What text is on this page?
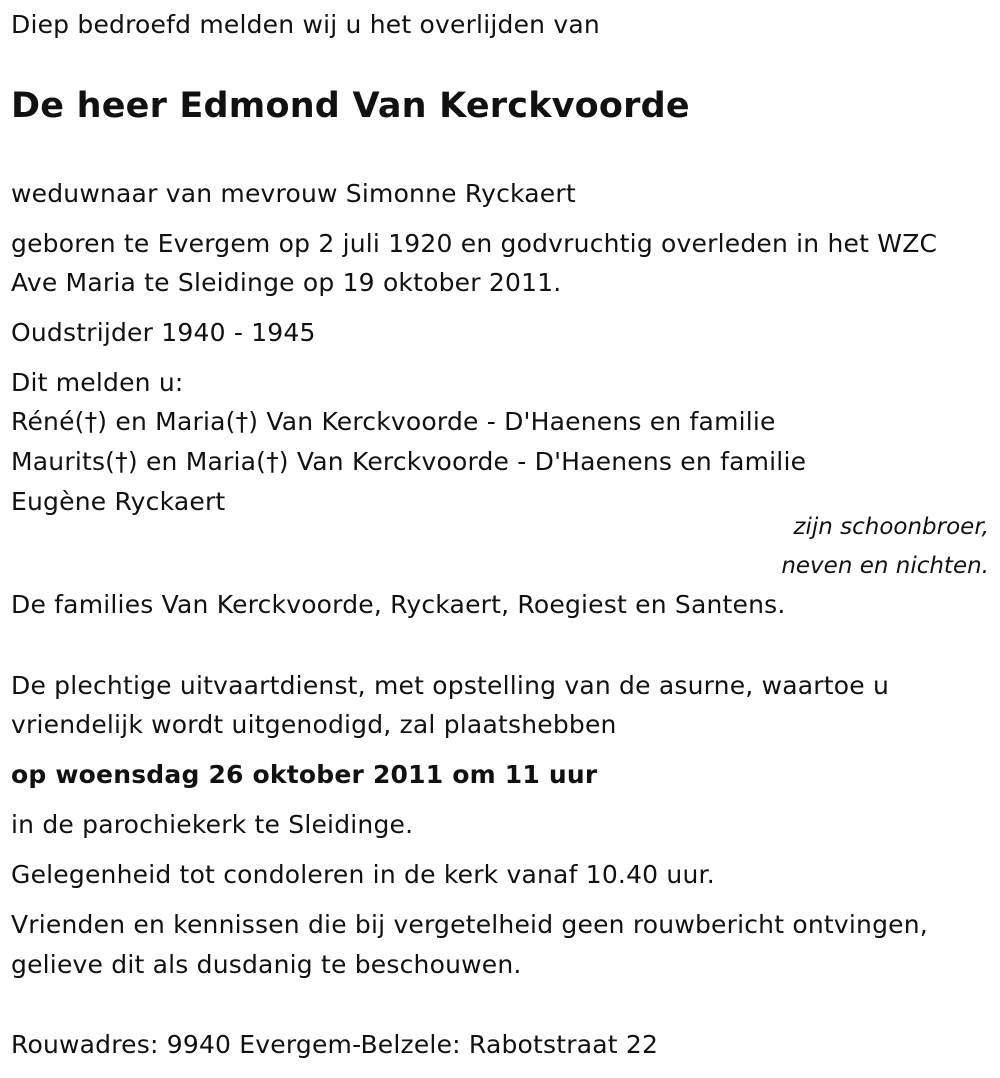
Diep bedroefd melden wij u het overlijden van
De heer Edmond Van Kerckvoorde
weduwnaar van mevrouw Simonne Ryckaert
geboren te Evergem op 2 juli 1920 en godvruchtig overleden in het WZC
Ave Maria te Sleidinge op 19 oktober 2011.
Oudstrijder 1940 - 1945
Dit melden u:
Réné(†) en Maria(†) Van Kerckvoorde - D'Haenens en familie
Maurits(†) en Maria(†) Van Kerckvoorde - D'Haenens en familie
Eugène Ryckaert
zijn schoonbroer,
neven en nichten.
De families Van Kerckvoorde, Ryckaert, Roegiest en Santens.
De plechtige uitvaartdienst, met opstelling van de asurne, waartoe u
vriendelijk wordt uitgenodigd, zal plaatshebben
op woensdag 26 oktober 2011 om 11 uur
in de parochiekerk te Sleidinge.
Gelegenheid tot condoleren in de kerk vanaf 10.40 uur.
Vrienden en kennissen die bij vergetelheid geen rouwbericht ontvingen,
gelieve dit als dusdanig te beschouwen.
Rouwadres: 9940 Evergem-Belzele: Rabotstraat 22
